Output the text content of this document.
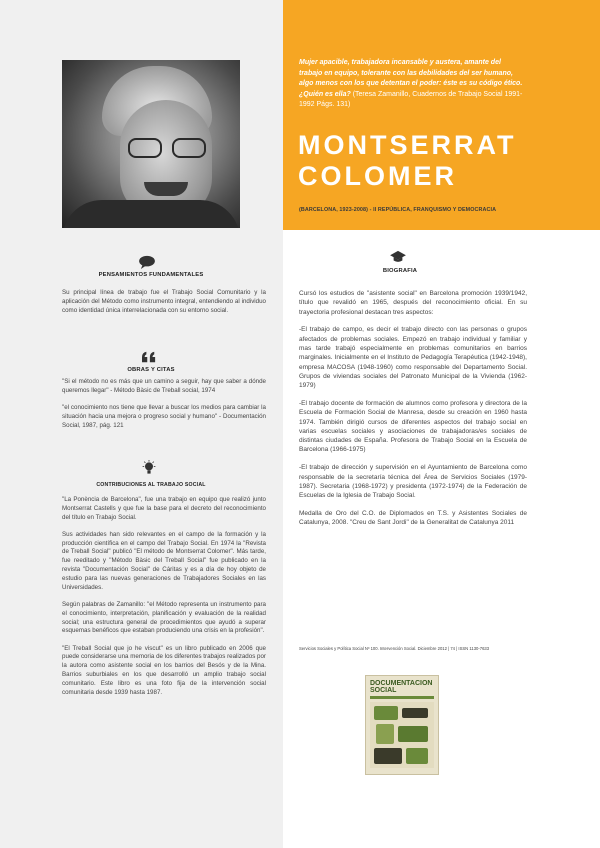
Mujer apacible, trabajadora incansable y austera, amante del trabajo en equipo, tolerante con las debilidades del ser humano, algo menos con los que detentan el poder: éste es su código ético. ¿Quién es ella? (Teresa Zamanillo, Cuadernos de Trabajo Social 1991-1992 Págs. 131)
MONTSERRAT
COLOMER
(BARCELONA, 1923-2008) - II REPÚBLICA, FRANQUISMO Y DEMOCRACIA
PENSAMIENTOS FUNDAMENTALES
Su principal línea de trabajo fue el Trabajo Social Comunitario y la aplicación del Método como instrumento integral, entendiendo al individuo como identidad única interrelacionada con su entorno social.
OBRAS Y CITAS

"Si el método no es más que un camino a seguir, hay que saber a dónde queremos llegar" - Método Bàsic de Treball social, 1974

"el conocimiento nos tiene que llevar a buscar los medios para cambiar la situación hacia una mejora o progreso social y humano" - Documentación Social, 1987, pág. 121

CONTRIBUCIONES AL TRABAJO SOCIAL

"La Ponència de Barcelona", fue una trabajo en equipo que realizó junto Montserrat Castells y que fue la base para el decreto del reconocimiento del título en Trabajo Social.

Sus actividades han sido relevantes en el campo de la formación y la producción científica en el campo del Trabajo Social. En 1974 la "Revista de Treball Social" publicó "El método de Montserrat Colomer". Más tarde, fue reeditado y "Método Bàsic del Treball Social" fue publicado en la revista "Documentación Social" de Cáritas y es a día de hoy objeto de estudio para las nuevas generaciones de Trabajadores Sociales en las Universidades.

Según palabras de Zamanillo: "el Método representa un instrumento para el conocimiento, interpretación, planificación y evaluación de la realidad social; una estructura general de procedimientos que ayudó a superar esquemas benéficos que estaban produciendo una crisis en la profesión".

"El Treball Social que jo he viscut" es un libro publicado en 2006 que puede considerarse una memoria de los diferentes trabajos realizados por la autora como asistente social en los barrios del Besós y de la Mina. Barrios suburbiales en los que desarrolló un amplio trabajo social comunitario. Este libro es una foto fija de la intervención social comunitaria desde 1939 hasta 1987.

BIOGRAFIA

Cursó los estudios de "asistente social" en Barcelona promoción 1939/1942, título que revalidó en 1965, después del reconocimiento oficial. En su trayectoria profesional destacan tres aspectos:

-El trabajo de campo, es decir el trabajo directo con las personas o grupos afectados de problemas sociales. Empezó en trabajo individual y familiar y mas tarde trabajó especialmente en problemas comunitarios en barrios marginales. Inicialmente en el Instituto de Pedagogía Terapéutica (1942-1948), empresa MACOSA (1948-1960) como responsable del Departamento Social. Grupos de viviendas sociales del Patronato Municipal de la Vivienda (1962-1979)

-El trabajo docente de formación de alumnos como profesora y directora de la Escuela de Formación Social de Manresa, desde su creación en 1960 hasta 1974. También dirigió cursos de diferentes aspectos del trabajo social en varias escuelas sociales y asociaciones de trabajadoras/es sociales de distintas ciudades de España. Profesora de Trabajo Social en la Escuela de Barcelona (1966-1975)

-El trabajo de dirección y supervisión en el Ayuntamiento de Barcelona como responsable de la secretaría técnica del Área de Servicios Sociales (1979-1987). Secretaria (1968-1972) y presidenta (1972-1974) de la Federación de Escuelas de la Iglesia de Trabajo Social.

Medalla de Oro del C.O. de Diplomados en T.S. y Asistentes Sociales de Catalunya, 2008. "Creu de Sant Jordi" de la Generalitat de Catalunya 2011

Servicios Sociales y Política Social Nº 100. Intervención Social. Diciembre 2012 | 74 | ISSN 1130-7633
DOCUMENTACION
SOCIAL
